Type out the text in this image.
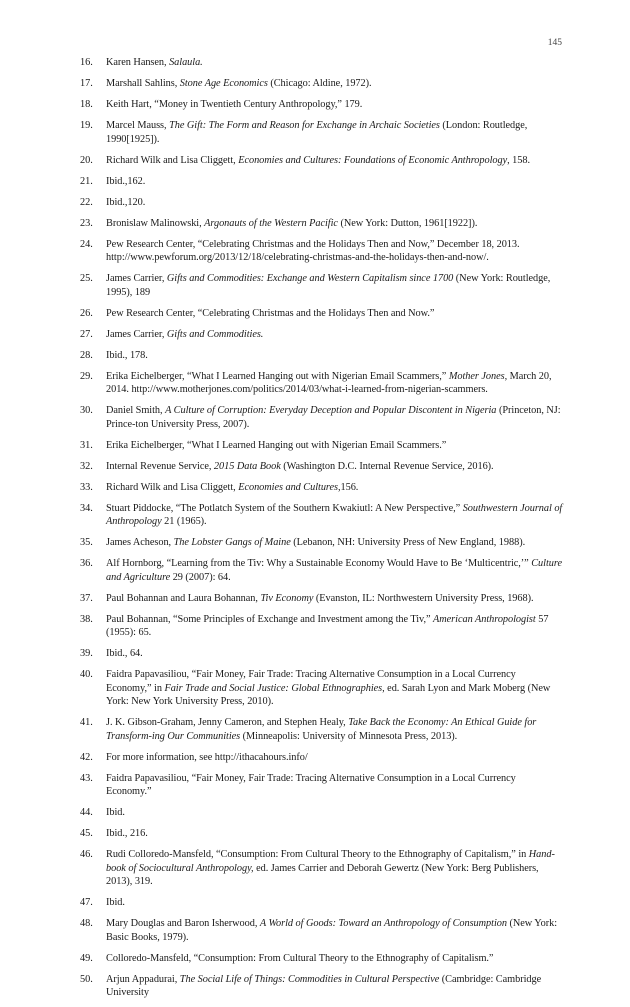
145
16. Karen Hansen, Salaula.
17. Marshall Sahlins, Stone Age Economics (Chicago: Aldine, 1972).
18. Keith Hart, “Money in Twentieth Century Anthropology,” 179.
19. Marcel Mauss, The Gift: The Form and Reason for Exchange in Archaic Societies (London: Routledge, 1990[1925]).
20. Richard Wilk and Lisa Cliggett, Economies and Cultures: Foundations of Economic Anthropology, 158.
21. Ibid.,162.
22. Ibid.,120.
23. Bronislaw Malinowski, Argonauts of the Western Pacific (New York: Dutton, 1961[1922]).
24. Pew Research Center, “Celebrating Christmas and the Holidays Then and Now,” December 18, 2013. http://www.pewforum.org/2013/12/18/celebrating-christmas-and-the-holidays-then-and-now/.
25. James Carrier, Gifts and Commodities: Exchange and Western Capitalism since 1700 (New York: Routledge, 1995), 189
26. Pew Research Center, “Celebrating Christmas and the Holidays Then and Now.”
27. James Carrier, Gifts and Commodities.
28. Ibid., 178.
29. Erika Eichelberger, “What I Learned Hanging out with Nigerian Email Scammers,” Mother Jones, March 20, 2014. http://www.motherjones.com/politics/2014/03/what-i-learned-from-nigerian-scammers.
30. Daniel Smith, A Culture of Corruption: Everyday Deception and Popular Discontent in Nigeria (Princeton, NJ: Prince-ton University Press, 2007).
31. Erika Eichelberger, “What I Learned Hanging out with Nigerian Email Scammers.”
32. Internal Revenue Service, 2015 Data Book (Washington D.C. Internal Revenue Service, 2016).
33. Richard Wilk and Lisa Cliggett, Economies and Cultures,156.
34. Stuart Piddocke, “The Potlatch System of the Southern Kwakiutl: A New Perspective,” Southwestern Journal of Anthropology 21 (1965).
35. James Acheson, The Lobster Gangs of Maine (Lebanon, NH: University Press of New England, 1988).
36. Alf Hornborg, “Learning from the Tiv: Why a Sustainable Economy Would Have to Be ‘Multicentric,’” Culture and Agriculture 29 (2007): 64.
37. Paul Bohannan and Laura Bohannan, Tiv Economy (Evanston, IL: Northwestern University Press, 1968).
38. Paul Bohannan, “Some Principles of Exchange and Investment among the Tiv,” American Anthropologist 57 (1955): 65.
39. Ibid., 64.
40. Faidra Papavasiliou, “Fair Money, Fair Trade: Tracing Alternative Consumption in a Local Currency Economy,” in Fair Trade and Social Justice: Global Ethnographies, ed. Sarah Lyon and Mark Moberg (New York: New York University Press, 2010).
41. J. K. Gibson-Graham, Jenny Cameron, and Stephen Healy, Take Back the Economy: An Ethical Guide for Transform-ing Our Communities (Minneapolis: University of Minnesota Press, 2013).
42. For more information, see http://ithacahours.info/
43. Faidra Papavasiliou, “Fair Money, Fair Trade: Tracing Alternative Consumption in a Local Currency Economy.”
44. Ibid.
45. Ibid., 216.
46. Rudi Colloredo-Mansfeld, “Consumption: From Cultural Theory to the Ethnography of Capitalism,” in Hand-book of Sociocultural Anthropology, ed. James Carrier and Deborah Gewertz (New York: Berg Publishers, 2013), 319.
47. Ibid.
48. Mary Douglas and Baron Isherwood, A World of Goods: Toward an Anthropology of Consumption (New York: Basic Books, 1979).
49. Colloredo-Mansfeld, “Consumption: From Cultural Theory to the Ethnography of Capitalism.”
50. Arjun Appadurai, The Social Life of Things: Commodities in Cultural Perspective (Cambridge: Cambridge University
